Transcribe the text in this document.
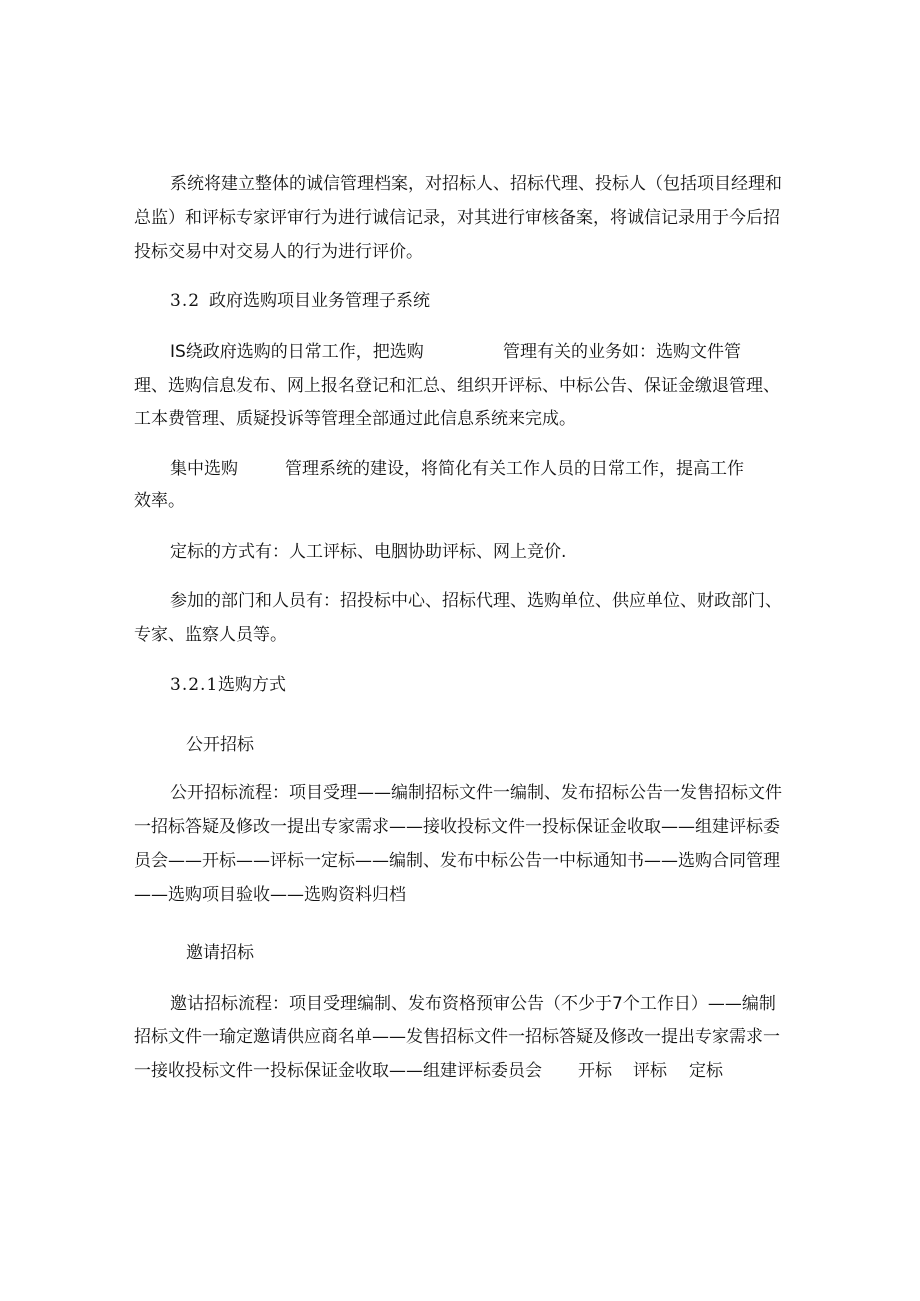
系统将建立整体的诚信管理档案，对招标人、招标代理、投标人（包括项目经理和
总监）和评标专家评审行为进行诚信记录，对其进行审核备案，将诚信记录用于今后招
投标交易中对交易人的行为进行评价。
3.2 政府选购项目业务管理子系统
IS绕政府选购的日常工作，把选购	管理有关的业务如：选购文件管
理、选购信息发布、网上报名登记和汇总、组织开评标、中标公告、保证金缴退管理、
工本费管理、质疑投诉等管理全部通过此信息系统来完成。
集中选购	管理系统的建设，将简化有关工作人员的日常工作，提高工作
效率。
定标的方式有：人工评标、电胭协助评标、网上竞价.
参加的部门和人员有：招投标中心、招标代理、选购单位、供应单位、财政部门、
专家、监察人员等。
3.2.1 选购方式
公开招标
公开招标流程：项目受理——编制招标文件一编制、发布招标公告一发售招标文件
一招标答疑及修改一提出专家需求——接收投标文件一投标保证金收取——组建评标委
员会——开标——评标一定标——编制、发布中标公告一中标通知书——选购合同管理
——选购项目验收——选购资料归档
邀请招标
邀诂招标流程：项目受理编制、发布资格预审公告（不少于7个工作日）——编制
招标文件一瑜定邀请供应商名单——发售招标文件一招标答疑及修改一提出专家需求一
一接收投标文件一投标保证金收取——组建评标委员会 开标 评标 定标
